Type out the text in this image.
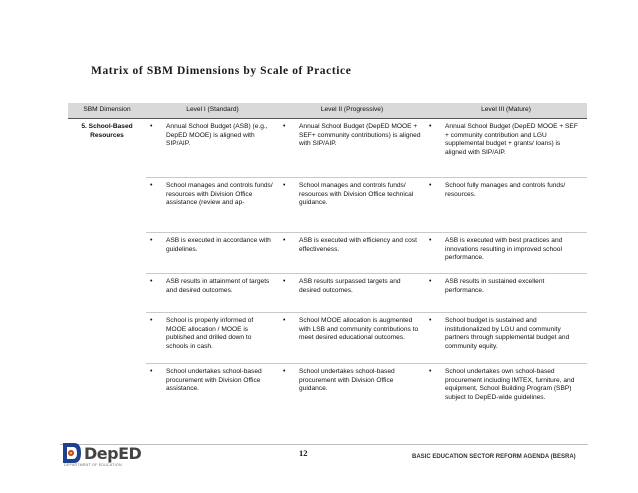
Matrix of SBM Dimensions by Scale of Practice
SBM Dimension	Level I (Standard)	Level II (Progressive)	Level III (Mature)
5. School-Based Resources	• Annual School Budget (ASB) (e.g., DepED MOOE) is aligned with SIP/AIP.	• Annual School Budget (DepED MOOE + SEF+ community contributions) is aligned with SIP/AIP.	• Annual School Budget (DepED MOOE + SEF + community contribution and LGU supplemental budget + grants/ loans) is aligned with SIP/AIP.

	• School manages and controls funds/ resources with Division Office assistance (review and ap-	• School manages and controls funds/ resources with Division Office technical guidance.	• School fully manages and controls funds/ resources.

	• ASB is executed in accordance with guidelines.	• ASB is executed with efficiency and cost effectiveness.	• ASB is executed with best practices and innovations resulting in improved school performance.

	• ASB results in attainment of targets and desired outcomes.	• ASB results surpassed targets and desired outcomes.	• ASB results in sustained excellent performance.

	• School is properly informed of MOOE allocation / MOOE is published and drilled down to schools in cash.	• School MOOE allocation is augmented with LSB and community contributions to meet desired educational outcomes.	• School budget is sustained and institutionalized by LGU and community partners through supplemental budget and community equity.

	• School undertakes school-based procurement with Division Office assistance.	• School undertakes school-based procurement with Division Office guidance.	• School undertakes own school-based procurement including IMTEX, furniture, and equipment, School Building Program (SBP) subject to DepED-wide guidelines.
DepED
DEPARTMENT OF EDUCATION
12	BASIC EDUCATION SECTOR REFORM AGENDA (BESRA)
